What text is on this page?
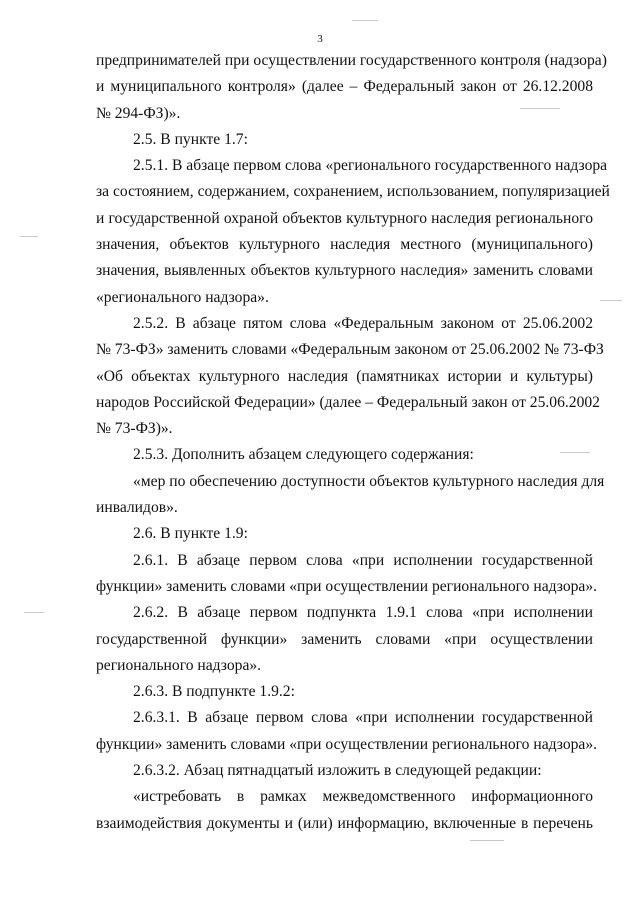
3
предпринимателей при осуществлении государственного контроля (надзора)
и муниципального контроля» (далее – Федеральный закон от 26.12.2008
№ 294-ФЗ)».

2.5. В пункте 1.7:

2.5.1. В абзаце первом слова «регионального государственного надзора
за состоянием, содержанием, сохранением, использованием, популяризацией
и государственной охраной объектов культурного наследия регионального
значения, объектов культурного наследия местного (муниципального)
значения, выявленных объектов культурного наследия» заменить словами
«регионального надзора».
2.5.2. В абзаце пятом слова «Федеральным законом от 25.06.2002
№ 73-ФЗ» заменить словами «Федеральным законом от 25.06.2002 № 73-ФЗ
«Об объектах культурного наследия (памятниках истории и культуры)
народов Российской Федерации» (далее – Федеральный закон от 25.06.2002
№ 73-ФЗ)».

2.5.3. Дополнить абзацем следующего содержания:

«мер по обеспечению доступности объектов культурного наследия для
инвалидов».

2.6. В пункте 1.9:

2.6.1. В абзаце первом слова «при исполнении государственной
функции» заменить словами «при осуществлении регионального надзора».
2.6.2. В абзаце первом подпункта 1.9.1 слова «при исполнении
государственной функции» заменить словами «при осуществлении
регионального надзора».

2.6.3. В подпункте 1.9.2:

2.6.3.1. В абзаце первом слова «при исполнении государственной
функции» заменить словами «при осуществлении регионального надзора».

2.6.3.2. Абзац пятнадцатый изложить в следующей редакции:

«истребовать в рамках межведомственного информационного
взаимодействия документы и (или) информацию, включенные в перечень
